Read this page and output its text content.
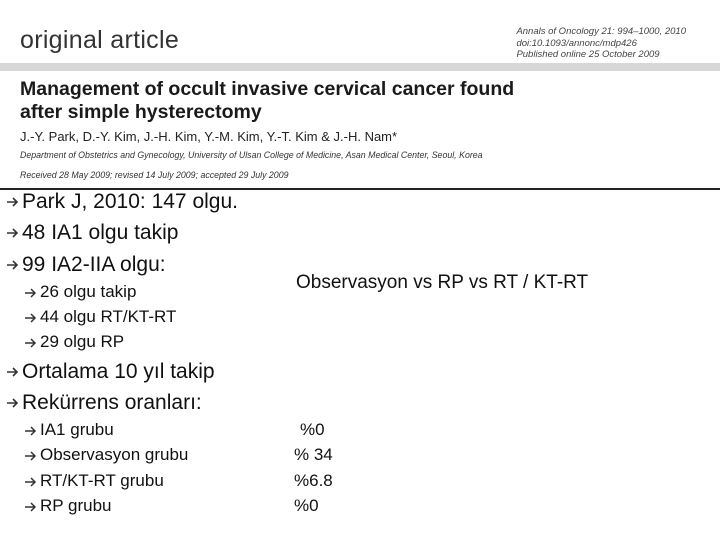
original article	Annals of Oncology 21: 994–1000, 2010
doi:10.1093/annonc/mdp426
Published online 25 October 2009
Management of occult invasive cervical cancer found
after simple hysterectomy
J.-Y. Park, D.-Y. Kim, J.-H. Kim, Y.-M. Kim, Y.-T. Kim & J.-H. Nam*
Department of Obstetrics and Gynecology, University of Ulsan College of Medicine, Asan Medical Center, Seoul, Korea
Received 28 May 2009; revised 14 July 2009; accepted 29 July 2009
Park J, 2010: 147 olgu.
48 IA1 olgu takip
99 IA2-IIA olgu:
26 olgu takip
44 olgu RT/KT-RT
29 olgu RP
Ortalama 10 yıl takip
Rekürrens oranları:
IA1 grubu
Observasyon grubu
RT/KT-RT grubu
RP grubu
Observasyon vs RP vs RT / KT-RT
%0
% 34
%6.8
%0
